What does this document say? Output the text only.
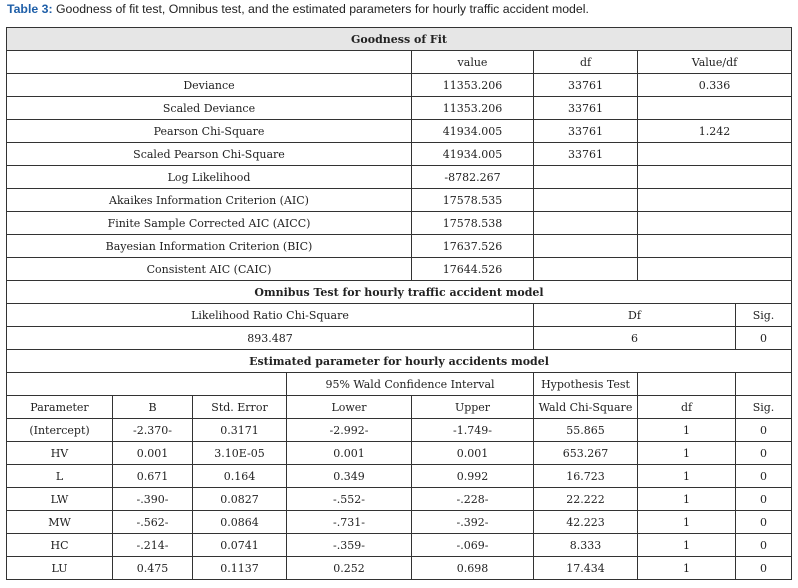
Table 3: Goodness of fit test, Omnibus test, and the estimated parameters for hourly traffic accident model.
Goodness of Fit							
				value	df	Value/df	
Deviance				11353.206	33761	0.336	
Scaled Deviance				11353.206	33761		
Pearson Chi-Square				41934.005	33761	1.242	
Scaled Pearson Chi-Square				41934.005	33761		
Log Likelihood				-8782.267			
Akaikes Information Criterion (AIC)				17578.535			
Finite Sample Corrected AIC (AICC)				17578.538			
Bayesian Information Criterion (BIC)				17637.526			
Consistent AIC (CAIC)				17644.526			
Omnibus Test for hourly traffic accident model							
Likelihood Ratio Chi-Square					Df		Sig.
893.487					6		0
Estimated parameter for hourly accidents model							
			95% Wald Confidence Interval		Hypothesis Test		
Parameter	B	Std. Error	Lower	Upper	Wald Chi-Square	df	Sig.
(Intercept)	-2.370-	0.3171	-2.992-	-1.749-	55.865	1	0
HV	0.001	3.10E-05	0.001	0.001	653.267	1	0
L	0.671	0.164	0.349	0.992	16.723	1	0
LW	-.390-	0.0827	-.552-	-.228-	22.222	1	0
MW	-.562-	0.0864	-.731-	-.392-	42.223	1	0
HC	-.214-	0.0741	-.359-	-.069-	8.333	1	0
LU	0.475	0.1137	0.252	0.698	17.434	1	0
